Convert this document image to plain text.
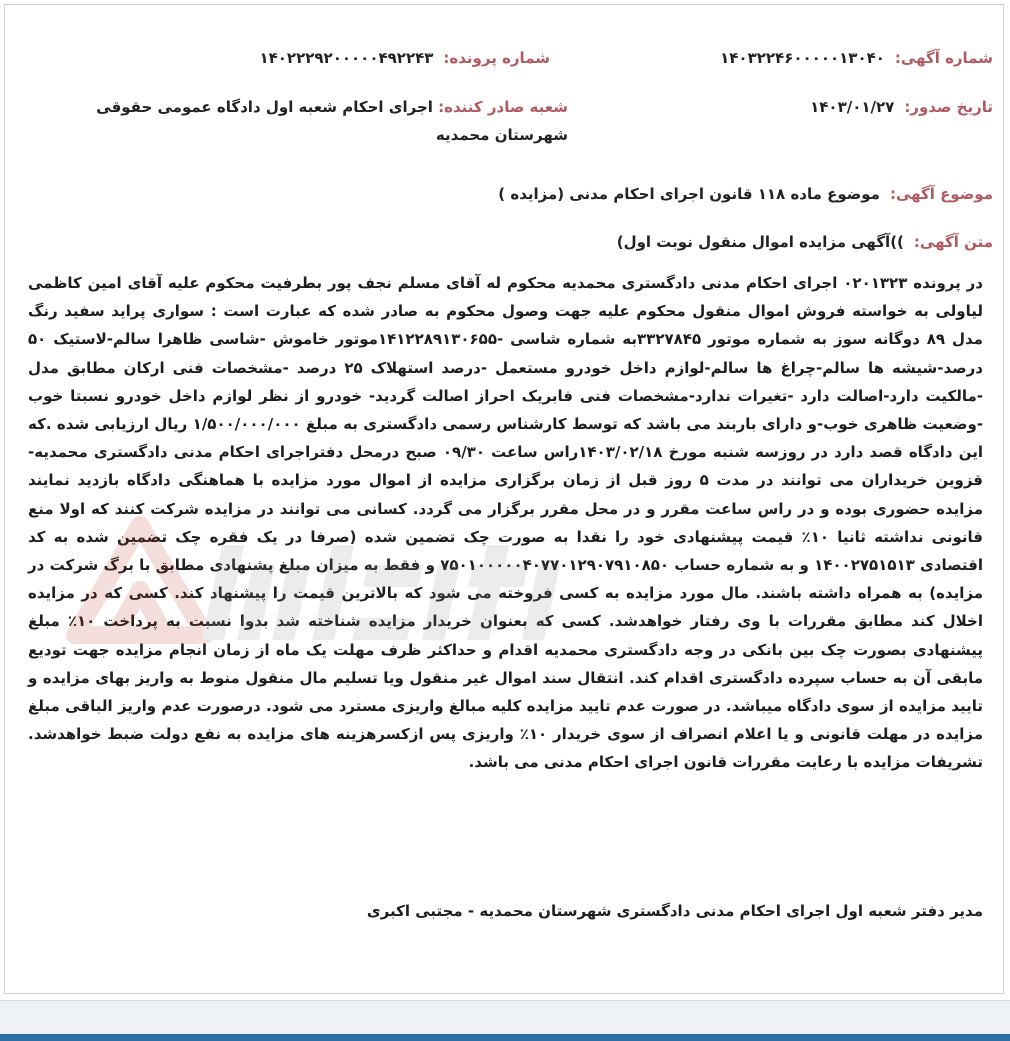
شماره آگهی:۱۴۰۳۲۲۴۶۰۰۰۰۰۱۳۰۴۰
شماره پرونده:۱۴۰۲۲۲۹۲۰۰۰۰۰۴۹۲۲۴۳
تاریخ صدور:۱۴۰۳/۰۱/۲۷
شعبه صادر کننده: اجرای احکام شعبه اول دادگاه عمومی حقوقی شهرستان محمدیه
موضوع آگهی:موضوع ماده ۱۱۸ قانون اجرای احکام مدنی (مزایده )
متن آگهی:))آگهی مزایده اموال منقول نوبت اول)
در پرونده ۰۲۰۱۳۲۳ اجرای احکام مدنی دادگستری محمدیه محکوم له آقای مسلم نجف پور بطرفیت محکوم علیه آقای امین کاظمی لیاولی به خواسته فروش اموال منقول محکوم علیه جهت وصول محکوم به صادر شده که عبارت است : سواری پراید سفید رنگ مدل ۸۹ دوگانه سوز به شماره موتور ۳۳۲۷۸۴۵به شماره شاسی -۱۴۱۲۲۸۹۱۳۰۶۵۵موتور خاموش -شاسی ظاهرا سالم-لاستیک ۵۰ درصد-شیشه ها سالم-چراغ ها سالم-لوازم داخل خودرو مستعمل -درصد استهلاک ۲۵ درصد -مشخصات فنی ارکان مطابق مدل -مالکیت دارد-اصالت دارد -تغیرات ندارد-مشخصات فنی فابریک احراز اصالت گردید- خودرو از نظر لوازم داخل خودرو نسبتا خوب -وضعیت ظاهری خوب-و دارای باربند می باشد که توسط کارشناس رسمی دادگستری به مبلغ ۱/۵۰۰/۰۰۰/۰۰۰ ریال ارزیابی شده .که این دادگاه قصد دارد در روزسه شنبه مورخ ۱۴۰۳/۰۲/۱۸راس ساعت ۰۹/۳۰ صبح درمحل دفتراجرای احکام مدنی دادگستری محمدیه- قزوین خریداران می توانند در مدت ۵ روز قبل از زمان برگزاری مزایده از اموال مورد مزایده با هماهنگی دادگاه بازدید نمایند مزایده حضوری بوده و در راس ساعت مقرر و در محل مقرر برگزار می گردد. کسانی می توانند در مزایده شرکت کنند که اولا منع قانونی نداشته ثانیا ۱۰٪ قیمت پیشنهادی خود را نقدا به صورت چک تضمین شده (صرفا در یک فقره چک تضمین شده به کد اقتصادی ۱۴۰۰۲۷۵۱۵۱۳ و به شماره حساب ۷۵۰۱۰۰۰۰۰۴۰۷۷۰۱۲۹۰۷۹۱۰۸۵۰ و فقط به میزان مبلغ پشنهادی مطابق با برگ شرکت در مزایده) به همراه داشته باشند. مال مورد مزایده به کسی فروخته می شود که بالاترین قیمت را پیشنهاد کند. کسی که در مزایده اخلال کند مطابق مقررات با وی رفتار خواهدشد. کسی که بعنوان خریدار مزایده شناخته شد بدوا نسبت به پرداخت ۱۰٪ مبلغ پیشنهادی بصورت چک بین بانکی در وجه دادگستری محمدیه اقدام و حداکثر ظرف مهلت یک ماه از زمان انجام مزایده جهت تودیع مابقی آن به حساب سپرده دادگستری اقدام کند. انتقال سند اموال غیر منقول ویا تسلیم مال منقول منوط به واریز بهای مزایده و تایید مزایده از سوی دادگاه میباشد. در صورت عدم تایید مزایده کلیه مبالغ واریزی مسترد می شود. درصورت عدم واریز الباقی مبلغ مزایده در مهلت قانونی و یا اعلام انصراف از سوی خریدار ۱۰٪ واریزی پس ازکسرهزینه های مزایده به نفع دولت ضبط خواهدشد. تشریفات مزایده با رعایت مقررات قانون اجرای احکام مدنی می باشد.
مدیر دفتر شعبه اول اجرای احکام مدنی دادگستری شهرستان محمدیه - مجتبی اکبری
